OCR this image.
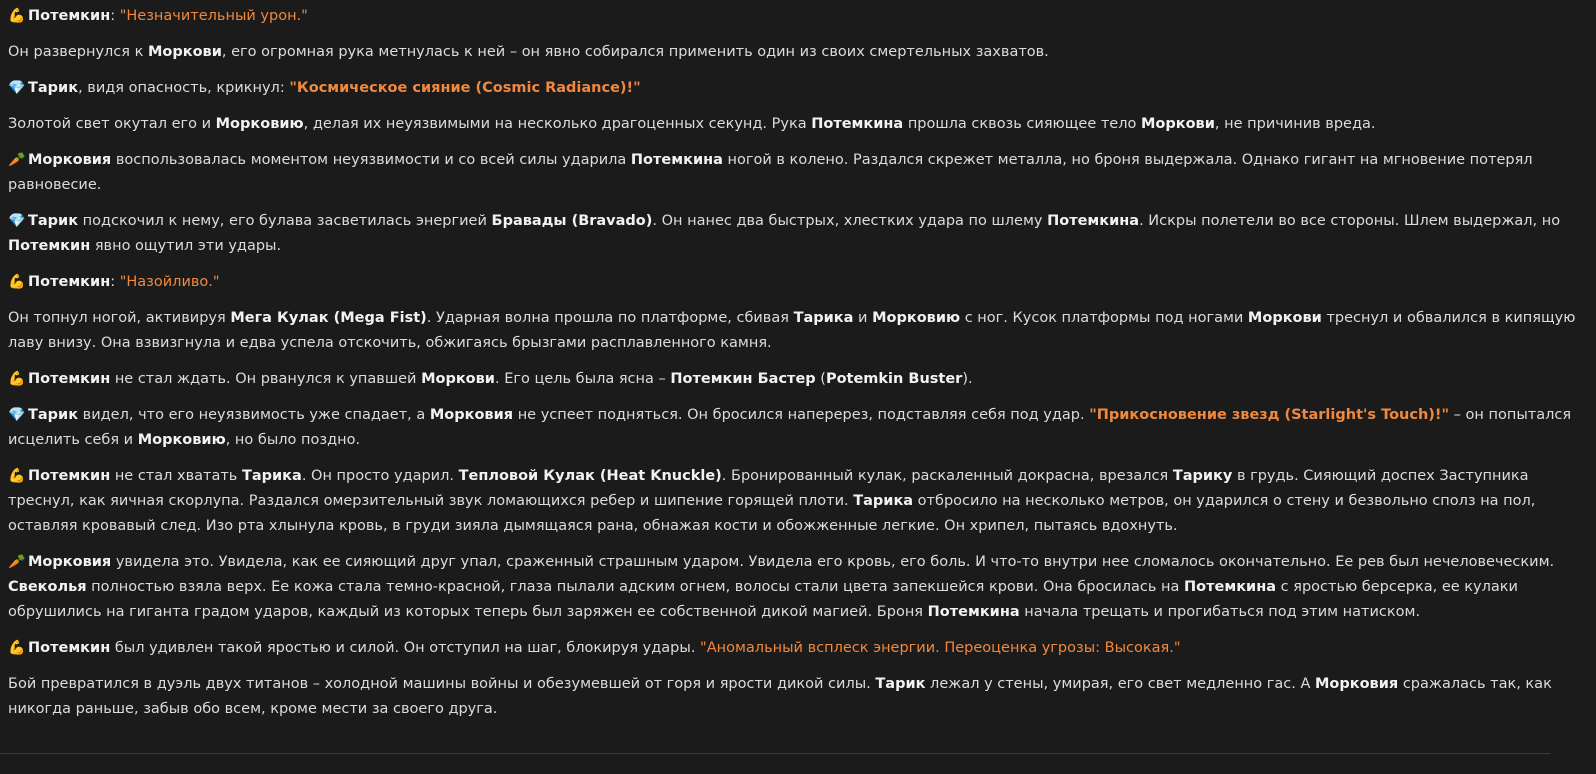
💪 Потемкин: "Незначительный урон."

Он развернулся к Моркови, его огромная рука метнулась к ней – он явно собирался применить один из своих смертельных захватов.

💎 Тарик, видя опасность, крикнул: "Космическое сияние (Cosmic Radiance)!"

Золотой свет окутал его и Морковию, делая их неуязвимыми на несколько драгоценных секунд. Рука Потемкина прошла сквозь сияющее тело Моркови, не причинив вреда.

🥕 Морковия воспользовалась моментом неуязвимости и со всей силы ударила Потемкина ногой в колено. Раздался скрежет металла, но броня выдержала. Однако гигант на мгновение потерял равновесие.

💎 Тарик подскочил к нему, его булава засветилась энергией Бравады (Bravado). Он нанес два быстрых, хлестких удара по шлему Потемкина. Искры полетели во все стороны. Шлем выдержал, но Потемкин явно ощутил эти удары.

💪 Потемкин: "Назойливо."

Он топнул ногой, активируя Мега Кулак (Mega Fist). Ударная волна прошла по платформе, сбивая Тарика и Морковию с ног. Кусок платформы под ногами Моркови треснул и обвалился в кипящую лаву внизу. Она взвизгнула и едва успела отскочить, обжигаясь брызгами расплавленного камня.

💪 Потемкин не стал ждать. Он рванулся к упавшей Моркови. Его цель была ясна – Потемкин Бастер (Potemkin Buster).

💎 Тарик видел, что его неуязвимость уже спадает, а Морковия не успеет подняться. Он бросился наперерез, подставляя себя под удар. "Прикосновение звезд (Starlight's Touch)!" – он попытался исцелить себя и Морковию, но было поздно.

💪 Потемкин не стал хватать Тарика. Он просто ударил. Тепловой Кулак (Heat Knuckle). Бронированный кулак, раскаленный докрасна, врезался Тарику в грудь. Сияющий доспех Заступника треснул, как яичная скорлупа. Раздался омерзительный звук ломающихся ребер и шипение горящей плоти. Тарика отбросило на несколько метров, он ударился о стену и безвольно сполз на пол, оставляя кровавый след. Изо рта хлынула кровь, в груди зияла дымящаяся рана, обнажая кости и обожженные легкие. Он хрипел, пытаясь вдохнуть.

🥕 Морковия увидела это. Увидела, как ее сияющий друг упал, сраженный страшным ударом. Увидела его кровь, его боль. И что-то внутри нее сломалось окончательно. Ее рев был нечеловеческим. Свеколья полностью взяла верх. Ее кожа стала темно-красной, глаза пылали адским огнем, волосы стали цвета запекшейся крови. Она бросилась на Потемкина с яростью берсерка, ее кулаки обрушились на гиганта градом ударов, каждый из которых теперь был заряжен ее собственной дикой магией. Броня Потемкина начала трещать и прогибаться под этим натиском.

💪 Потемкин был удивлен такой яростью и силой. Он отступил на шаг, блокируя удары. "Аномальный всплеск энергии. Переоценка угрозы: Высокая."

Бой превратился в дуэль двух титанов – холодной машины войны и обезумевшей от горя и ярости дикой силы. Тарик лежал у стены, умирая, его свет медленно гас. А Морковия сражалась так, как никогда раньше, забыв обо всем, кроме мести за своего друга.
